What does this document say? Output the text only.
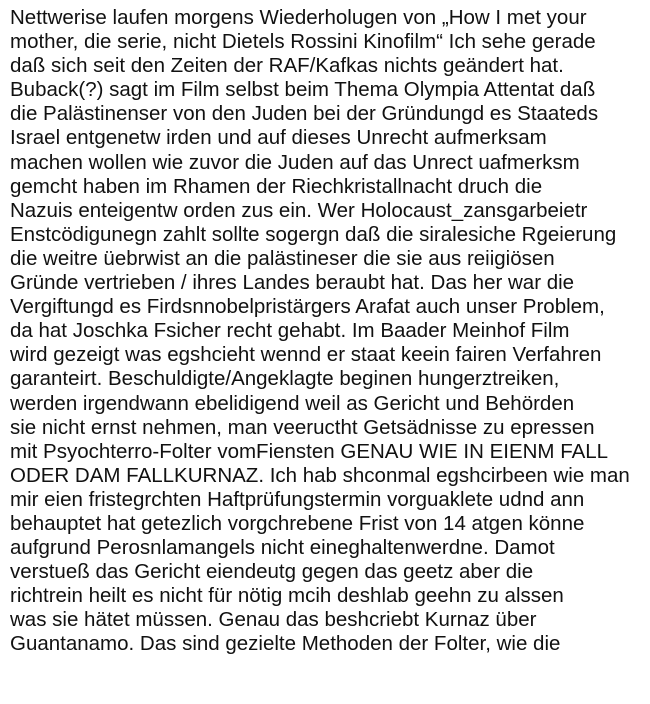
Nettwerise laufen morgens Wiederholugen von „How I met your
mother, die serie, nicht Dietels Rossini Kinofilm“ Ich sehe gerade
daß sich seit den Zeiten der RAF/Kafkas nichts geändert hat.
Buback(?) sagt im Film selbst beim Thema Olympia Attentat daß
die Palästinenser von den Juden bei der Gründungd es Staateds
Israel entgenetw irden und auf dieses Unrecht aufmerksam
machen wollen wie zuvor die Juden auf das Unrect uafmerksm
gemcht haben im Rhamen der Riechkristallnacht druch die
Nazuis enteigentw orden zus ein. Wer Holocaust_zansgarbeietr
Enstcödigunegn zahlt sollte sogergn daß die siralesiche Rgeierung
die weitre üebrwist an die palästineser die sie aus reiigiösen
Gründe vertrieben / ihres Landes beraubt hat. Das her war die
Vergiftungd es Firdsnnobelpristärgers Arafat auch unser Problem,
da hat Joschka Fsicher recht gehabt. Im Baader Meinhof Film
wird gezeigt was egshcieht wennd er staat keein fairen Verfahren
garanteirt. Beschuldigte/Angeklagte beginen hungerztreiken,
werden irgendwann ebelidigend weil as Gericht und Behörden
sie nicht ernst nehmen, man veeructht Getsädnisse zu epressen
mit Psyochterro-Folter vomFiensten GENAU WIE IN EIENM FALL
ODER DAM FALLKURNAZ. Ich hab shconmal egshcirbeen wie man
mir eien fristegrchten Haftprüfungstermin vorguaklete udnd ann
behauptet hat getezlich vorgchrebene Frist von 14 atgen könne
aufgrund Perosnlamangels nicht eineghaltenwerdne. Damot
verstueß das Gericht eiendeutg gegen das geetz aber die
richtrein heilt es nicht für nötig mcih deshlab geehn zu alssen
was sie hätet müssen. Genau das beshcriebt Kurnaz über
Guantanamo. Das sind gezielte Methoden der Folter, wie die
